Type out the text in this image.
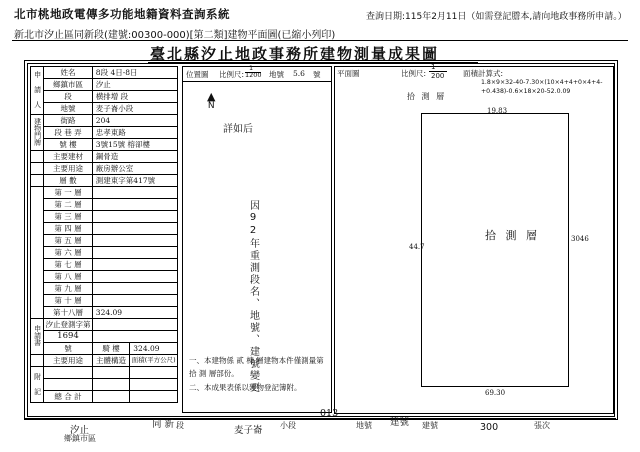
北市桃地政電傳多功能地籍資料查詢系統	查詢日期:115年2月11日（如需登記謄本,請向地政事務所申請。）
新北市汐止區同新段(建號:00300-000)[第二類]建物平面圖(已縮小列印)
臺北縣汐止地政事務所建物測量成果圖
申 請 人	姓名	8段 4日-8日	
	鄉鎮市區	汐止	
	段	横排增 段	
	地號	麦子崙小段	
建物門牌	街路	204	
	段 巷 弄	忠孝東路	
	號 樓	3號15號 榕卻樓	
	主要建材	鋼骨造	
	主要用途	廠房辦公室	
	層 數	測建東字第417號	
	第 一 層		
	第 二 層		
	第 三 層		
	第 四 層		
	第 五 層		
	第 六 層		
	第 七 層		
	第 八 層		
	第 九 層		
	第 十 層		
	第十八層	324.09	
申請書	汐止登測字第		
	1694		
	號	騎 樓	324.09
	主要用途	主體構造	面積(平方公尺)
附 記			

	總 合 計		
位置圖 比例尺:
1
1200 地號 5.6 號
▲
N
詳如后
因92年重測段名、地號、建號變更
一、本建物係 貳 棟 層建物本件僅測量第 拾 測 層部份。
二、本成果表係以建物登記簿附。
平面圖	比例尺:
1
200 面積計算式:
1.8×9×32-40-7.30×(10×4+4+0×4+4-
+0.438)-0.6×18×20-52.0.09
拾 測 層
19.83
拾 測 層	3046
44.7
69.30
汐止
鄉鎮市區
同 新 段	麦子崙 小段
013
地號 建號 建號	300	張次
